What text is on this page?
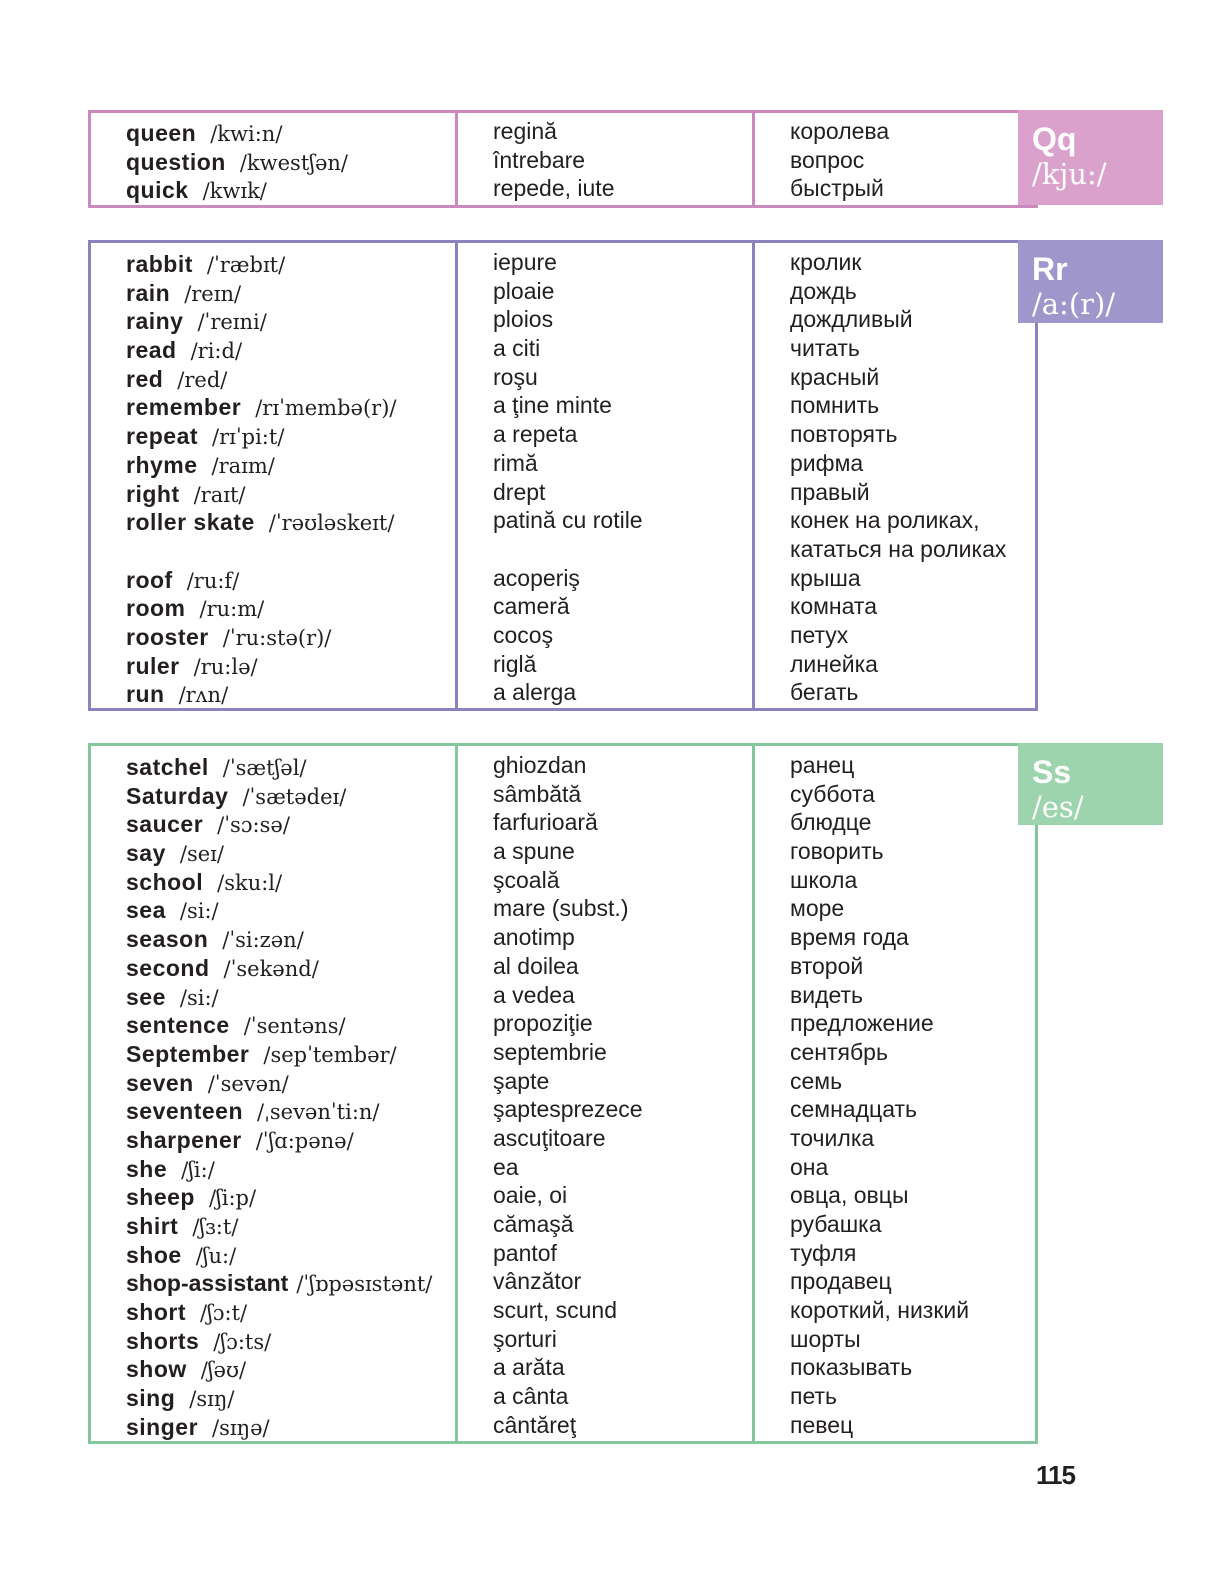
queen /kwi:n/
question /kwestʃən/
quick /kwɪk/
regină
întrebare
repede, iute
королева
вопрос
быстрый
Qq
/kju:/
rabbit /ˈræbɪt/
rain /reɪn/
rainy /ˈreɪni/
read /ri:d/
red /red/
remember /rɪˈmembə(r)/
repeat /rɪˈpi:t/
rhyme /raɪm/
right /raɪt/
roller skate /ˈrəʊləskeɪt/
roof /ru:f/
room /ru:m/
rooster /ˈru:stə(r)/
ruler /ru:lə/
run /rʌn/
iepure
ploaie
ploios
a citi
roşu
a ţine minte
a repeta
rimă
drept
patină cu rotile
acoperiş
cameră
cocoş
riglă
a alerga
кролик
дождь
дождливый
читать
красный
помнить
повторять
рифма
правый
конек на роликах,
кататься на роликах
крыша
комната
петух
линейка
бегать
Rr
/a:(r)/
satchel /ˈsætʃəl/
Saturday /ˈsætədeɪ/
saucer /ˈsɔ:sə/
say /seɪ/
school /sku:l/
sea /si:/
season /ˈsi:zən/
second /ˈsekənd/
see /si:/
sentence /ˈsentəns/
September /sepˈtembər/
seven /ˈsevən/
seventeen /ˌsevənˈti:n/
sharpener /ˈʃɑ:pənə/
she /ʃi:/
sheep /ʃi:p/
shirt /ʃɜ:t/
shoe /ʃu:/
shop-assistant /ˈʃɒpəsɪstənt/
short /ʃɔ:t/
shorts /ʃɔ:ts/
show /ʃəʊ/
sing /sɪŋ/
singer /sɪŋə/
ghiozdan
sâmbătă
farfurioară
a spune
şcoală
mare (subst.)
anotimp
al doilea
a vedea
propoziţie
septembrie
şapte
şaptesprezece
ascuţitoare
ea
oaie, oi
cămaşă
pantof
vânzător
scurt, scund
şorturi
a arăta
a cânta
cântăreţ
ранец
суббота
блюдце
говорить
школа
море
время года
второй
видеть
предложение
сентябрь
семь
семнадцать
точилка
она
овца, овцы
рубашка
туфля
продавец
короткий, низкий
шорты
показывать
петь
певец
Ss
/es/
115
